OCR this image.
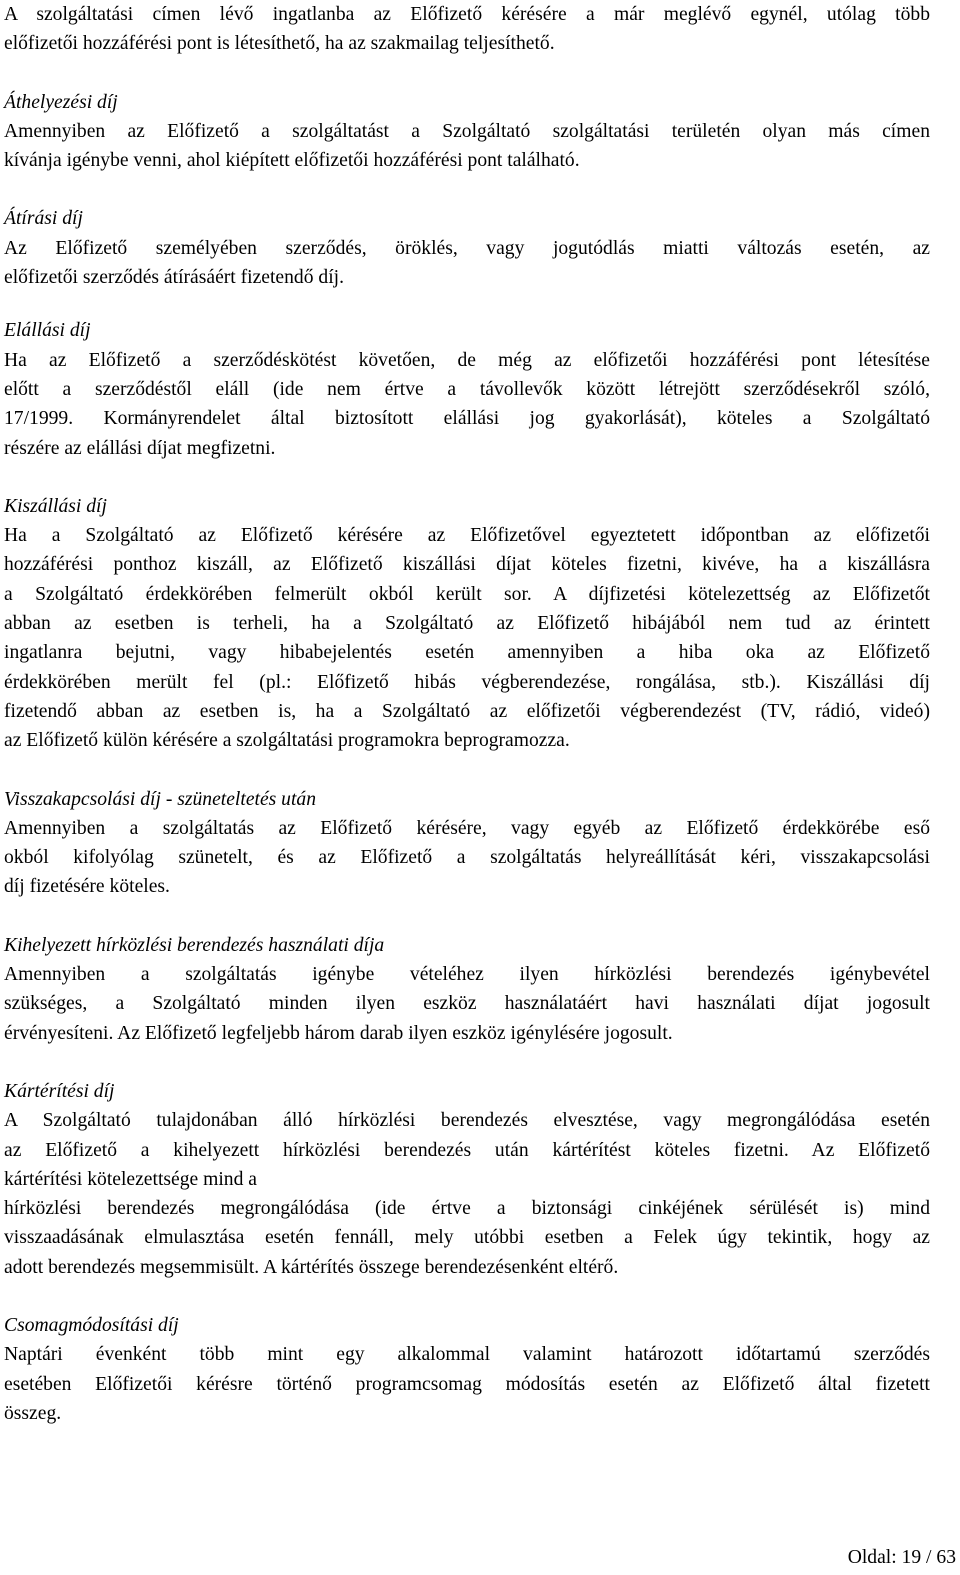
A szolgáltatási címen lévő ingatlanba az Előfizető kérésére a már meglévő egynél, utólag több
előfizetői hozzáférési pont is létesíthető, ha az szakmailag teljesíthető.
Áthelyezési díj
Amennyiben az Előfizető a szolgáltatást a Szolgáltató szolgáltatási területén olyan más címen
kívánja igénybe venni, ahol kiépített előfizetői hozzáférési pont található.
Átírási díj
Az Előfizető személyében szerződés, öröklés, vagy jogutódlás miatti változás esetén, az
előfizetői szerződés átírásáért fizetendő díj.
Elállási díj
Ha az Előfizető a szerződéskötést követően, de még az előfizetői hozzáférési pont létesítése
előtt a szerződéstől eláll (ide nem értve a távollevők között létrejött szerződésekről szóló,
17/1999. Kormányrendelet által biztosított elállási jog gyakorlását), köteles a Szolgáltató
részére az elállási díjat megfizetni.
Kiszállási díj
Ha a Szolgáltató az Előfizető kérésére az Előfizetővel egyeztetett időpontban az előfizetői
hozzáférési ponthoz kiszáll, az Előfizető kiszállási díjat köteles fizetni, kivéve, ha a kiszállásra
a Szolgáltató érdekkörében felmerült okból került sor. A díjfizetési kötelezettség az Előfizetőt
abban az esetben is terheli, ha a Szolgáltató az Előfizető hibájából nem tud az érintett
ingatlanra bejutni, vagy hibabejelentés esetén amennyiben a hiba oka az Előfizető
érdekkörében merült fel (pl.: Előfizető hibás végberendezése, rongálása, stb.). Kiszállási díj
fizetendő abban az esetben is, ha a Szolgáltató az előfizetői végberendezést (TV, rádió, videó)
az Előfizető külön kérésére a szolgáltatási programokra beprogramozza.
Visszakapcsolási díj - szüneteltetés után
Amennyiben a szolgáltatás az Előfizető kérésére, vagy egyéb az Előfizető érdekkörébe eső
okból kifolyólag szünetelt, és az Előfizető a szolgáltatás helyreállítását kéri, visszakapcsolási
díj fizetésére köteles.
Kihelyezett hírközlési berendezés használati díja
Amennyiben a szolgáltatás igénybe vételéhez ilyen hírközlési berendezés igénybevétel
szükséges, a Szolgáltató minden ilyen eszköz használatáért havi használati díjat jogosult
érvényesíteni. Az Előfizető legfeljebb három darab ilyen eszköz igénylésére jogosult.
Kártérítési díj
A Szolgáltató tulajdonában álló hírközlési berendezés elvesztése, vagy megrongálódása esetén
az Előfizető a kihelyezett hírközlési berendezés után kártérítést köteles fizetni. Az Előfizető
kártérítési kötelezettsége mind a
hírközlési berendezés megrongálódása (ide értve a biztonsági cinkéjének sérülését is) mind
visszaadásának elmulasztása esetén fennáll, mely utóbbi esetben a Felek úgy tekintik, hogy az
adott berendezés megsemmisült. A kártérítés összege berendezésenként eltérő.
Csomagmódosítási díj
Naptári évenként több mint egy alkalommal valamint határozott időtartamú szerződés
esetében Előfizetői kérésre történő programcsomag módosítás esetén az Előfizető által fizetett
összeg.
Oldal: 19 / 63
